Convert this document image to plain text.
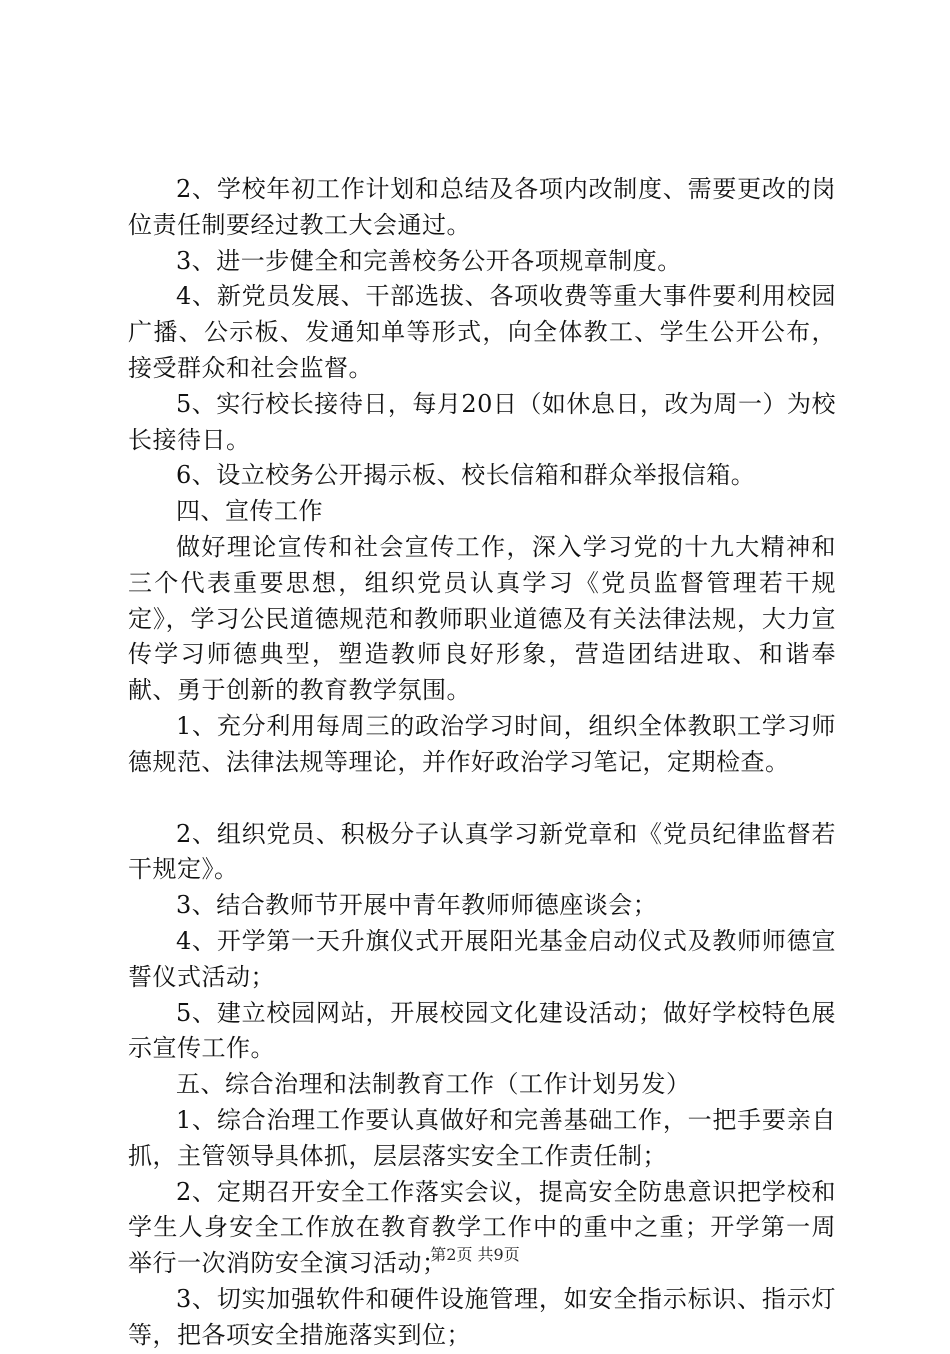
2、学校年初工作计划和总结及各项内改制度、需要更改的岗位责任制要经过教工大会通过。

3、进一步健全和完善校务公开各项规章制度。

4、新党员发展、干部选拔、各项收费等重大事件要利用校园广播、公示板、发通知单等形式，向全体教工、学生公开公布，接受群众和社会监督。

5、实行校长接待日，每月20日（如休息日，改为周一）为校长接待日。

6、设立校务公开揭示板、校长信箱和群众举报信箱。

四、宣传工作

做好理论宣传和社会宣传工作，深入学习党的十九大精神和三个代表重要思想，组织党员认真学习《党员监督管理若干规定》，学习公民道德规范和教师职业道德及有关法律法规，大力宣传学习师德典型，塑造教师良好形象，营造团结进取、和谐奉献、勇于创新的教育教学氛围。

1、充分利用每周三的政治学习时间，组织全体教职工学习师德规范、法律法规等理论，并作好政治学习笔记，定期检查。

2、组织党员、积极分子认真学习新党章和《党员纪律监督若干规定》。

3、结合教师节开展中青年教师师德座谈会；

4、开学第一天升旗仪式开展阳光基金启动仪式及教师师德宣誓仪式活动；

5、建立校园网站，开展校园文化建设活动；做好学校特色展示宣传工作。

五、综合治理和法制教育工作（工作计划另发）

1、综合治理工作要认真做好和完善基础工作，一把手要亲自抓，主管领导具体抓，层层落实安全工作责任制；

2、定期召开安全工作落实会议，提高安全防患意识把学校和学生人身安全工作放在教育教学工作中的重中之重；开学第一周举行一次消防安全演习活动；

3、切实加强软件和硬件设施管理，如安全指示标识、指示灯等，把各项安全措施落实到位；

第2页 共9页
